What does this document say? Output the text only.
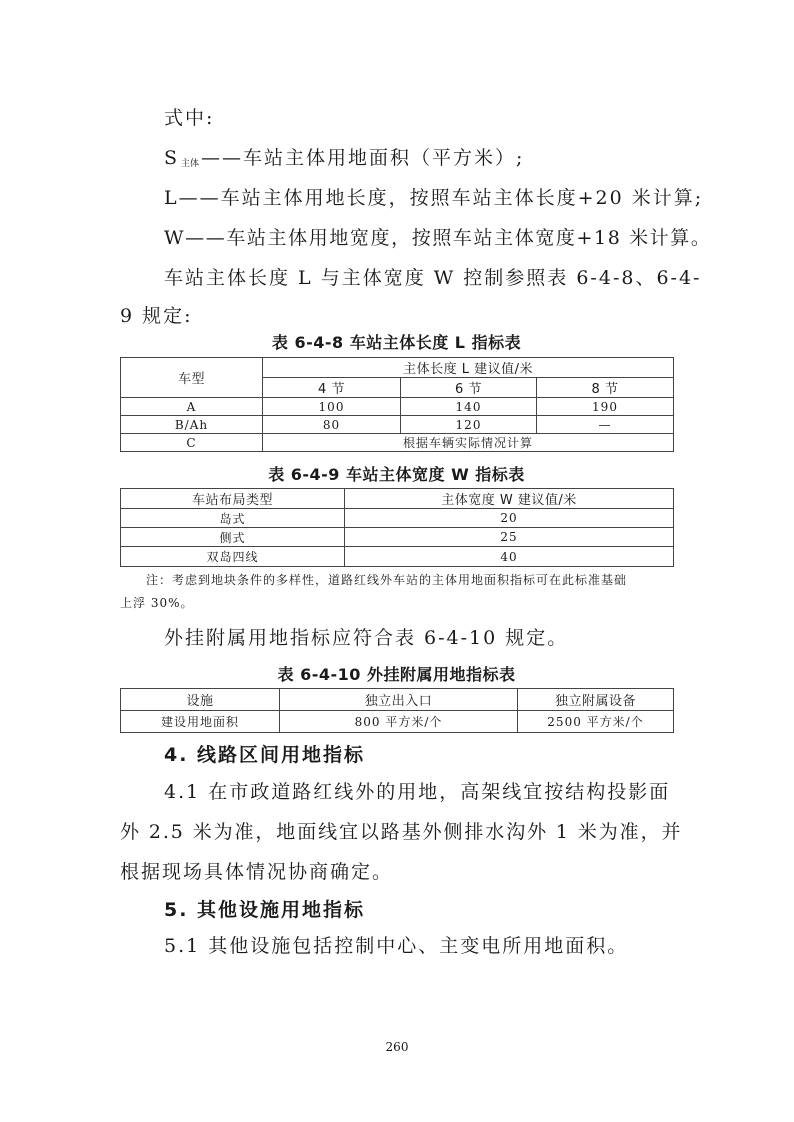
式中:
S $_{主体}$ ——车站主体用地面积（平方米）;
L——车站主体用地长度，按照车站主体长度+20 米计算;
W——车站主体用地宽度，按照车站主体宽度+18 米计算。
车站主体长度 L 与主体宽度 W 控制参照表 6-4-8、6-4-
9 规定:
表 6-4-8 车站主体长度 L 指标表
车型	主体长度 L 建议值/米		
	4 节	6 节	8 节
A	100	140	190
B/Ah	80	120	—
C	根据车辆实际情况计算		
表 6-4-9 车站主体宽度 W 指标表
车站布局类型	主体宽度 W 建议值/米
岛式	20
侧式	25
双岛四线	40
注：考虑到地块条件的多样性，道路红线外车站的主体用地面积指标可在此标准基础
上浮 30%。
外挂附属用地指标应符合表 6-4-10 规定。
表 6-4-10 外挂附属用地指标表
设施	独立出入口	独立附属设备
建设用地面积	800 平方米/个	2500 平方米/个
4. 线路区间用地指标
4.1 在市政道路红线外的用地，高架线宜按结构投影面
外 2.5 米为准，地面线宜以路基外侧排水沟外 1 米为准，并
根据现场具体情况协商确定。
5. 其他设施用地指标
5.1 其他设施包括控制中心、主变电所用地面积。
260
